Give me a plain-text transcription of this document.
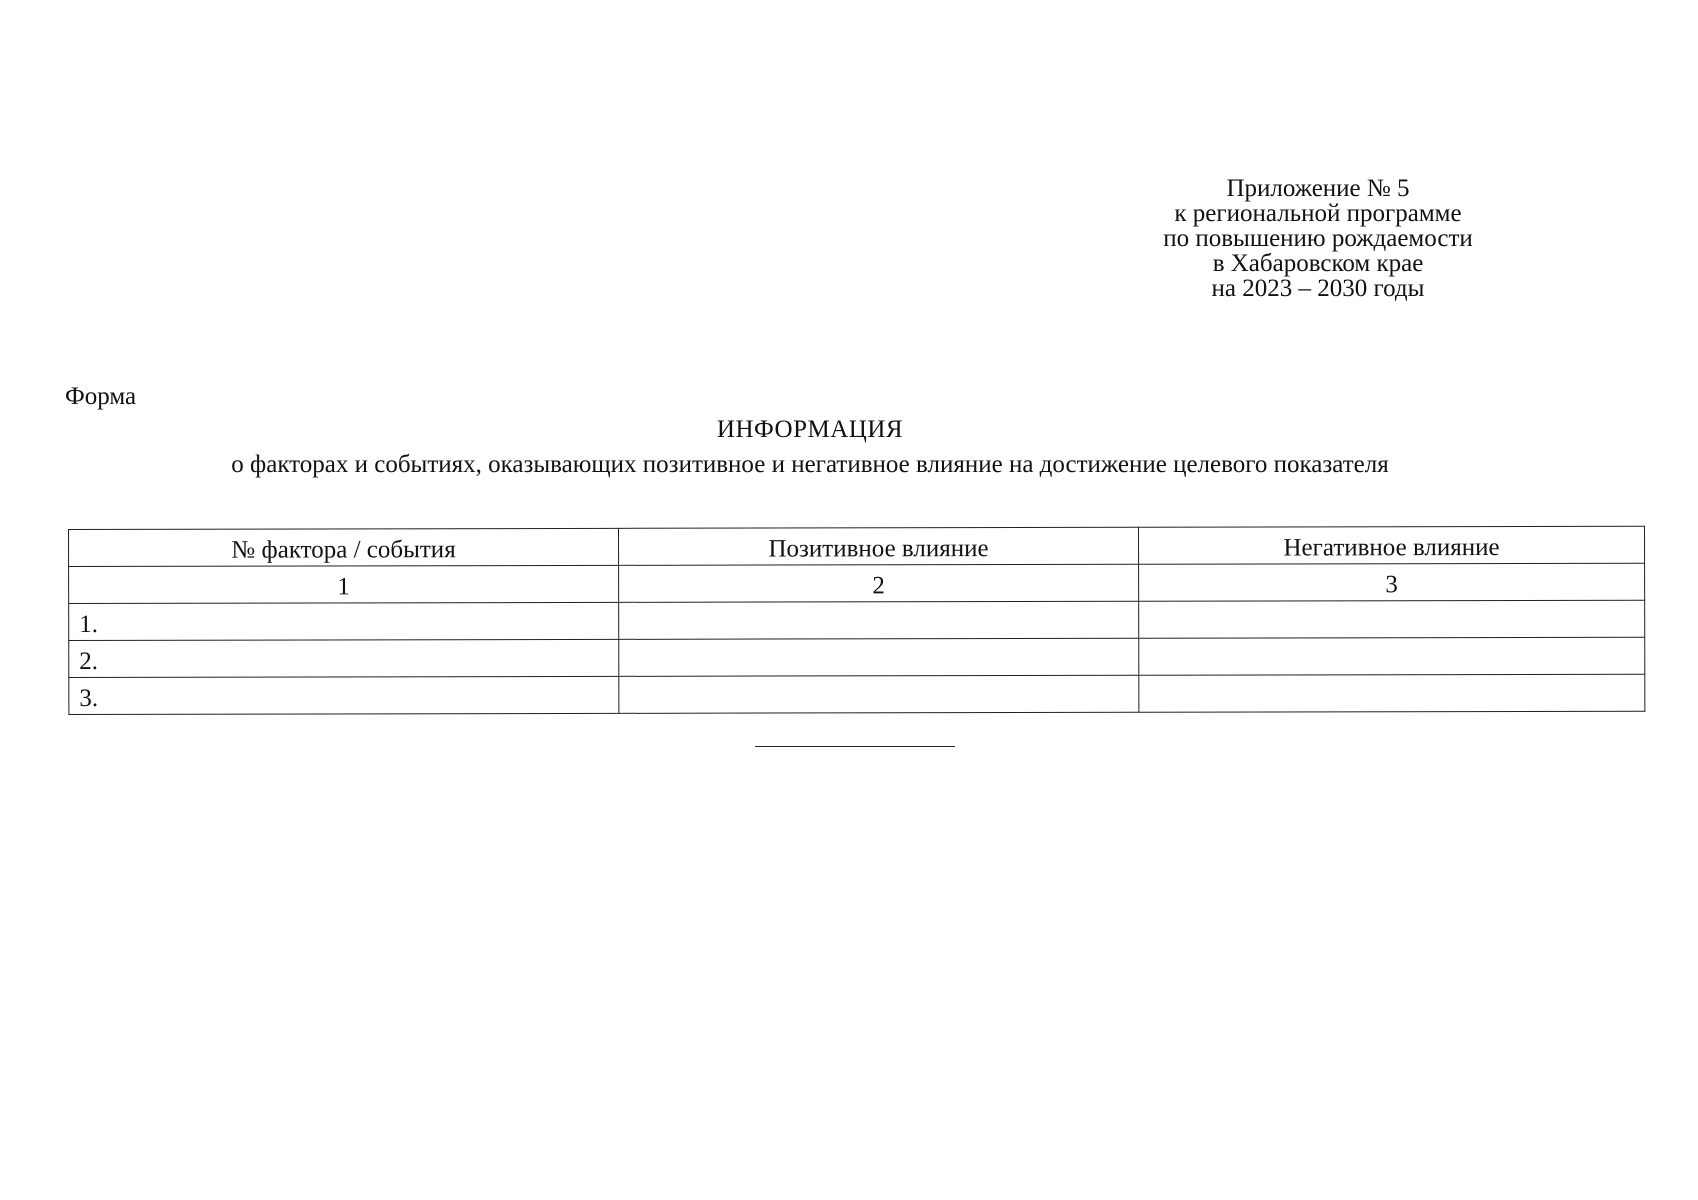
Приложение № 5
к региональной программе
по повышению рождаемости
в Хабаровском крае
на 2023 – 2030 годы
Форма
ИНФОРМАЦИЯ
о факторах и событиях, оказывающих позитивное и негативное влияние на достижение целевого показателя
№ фактора / события	Позитивное влияние	Негативное влияние
1	2	3
1.		
2.		
3.		
